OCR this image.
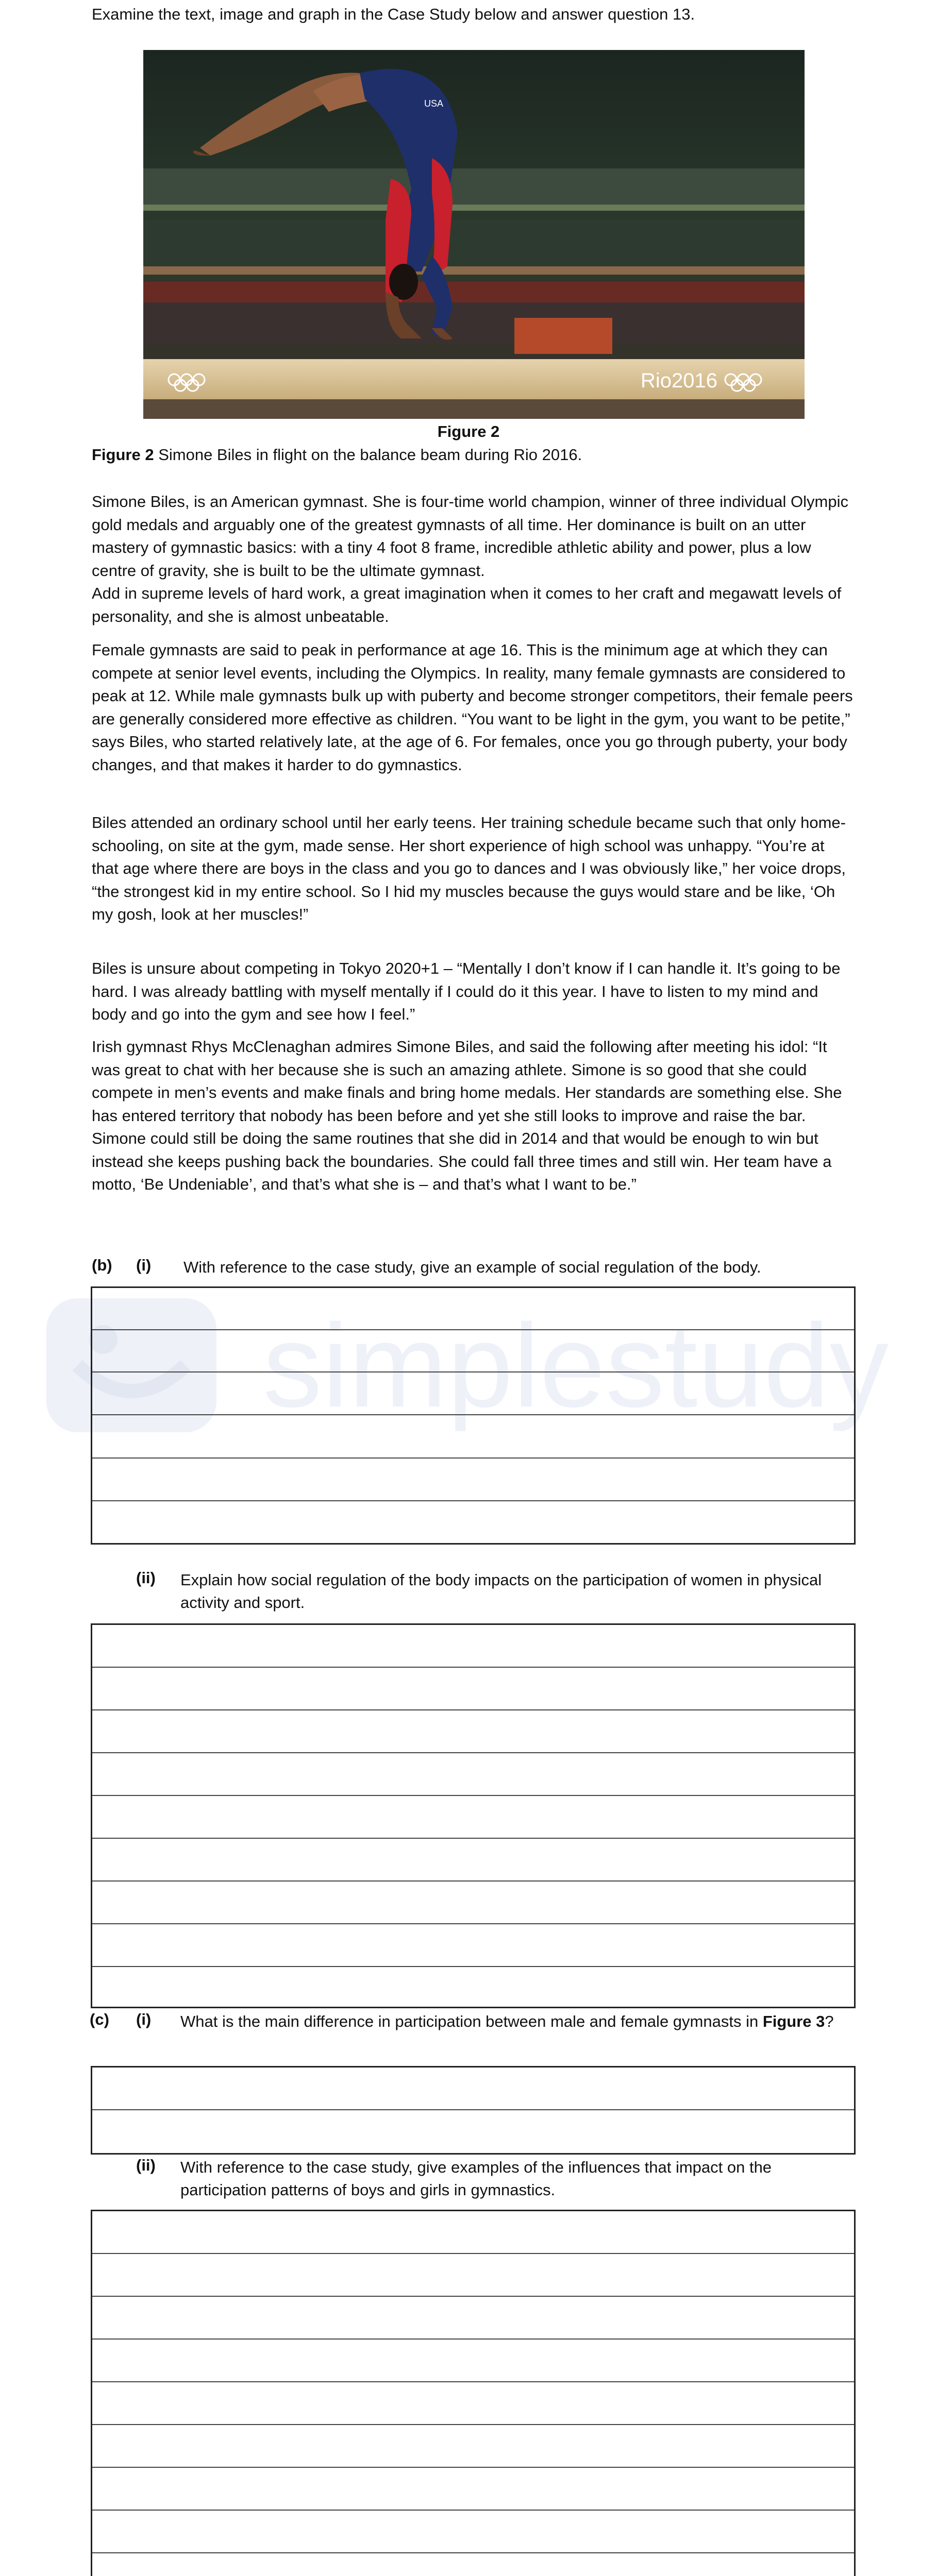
simplestudy
Examine the text, image and graph in the Case Study below and answer question 13.
Rio2016
USA
Figure 2
Figure 2 Simone Biles in flight on the balance beam during Rio 2016.

Simone Biles, is an American gymnast. She is four-time world champion, winner of three individual Olympic gold medals and arguably one of the greatest gymnasts of all time. Her dominance is built on an utter mastery of gymnastic basics: with a tiny 4 foot 8 frame, incredible athletic ability and power, plus a low centre of gravity, she is built to be the ultimate gymnast.

Add in supreme levels of hard work, a great imagination when it comes to her craft and megawatt levels of personality, and she is almost unbeatable.

Female gymnasts are said to peak in performance at age 16. This is the minimum age at which they can compete at senior level events, including the Olympics. In reality, many female gymnasts are considered to peak at 12. While male gymnasts bulk up with puberty and become stronger competitors, their female peers are generally considered more effective as children. “You want to be light in the gym, you want to be petite,” says Biles, who started relatively late, at the age of 6. For females, once you go through puberty, your body changes, and that makes it harder to do gymnastics.
Biles attended an ordinary school until her early teens. Her training schedule became such that only home-schooling, on site at the gym, made sense. Her short experience of high school was unhappy. “You’re at that age where there are boys in the class and you go to dances and I was obviously like,” her voice drops, “the strongest kid in my entire school. So I hid my muscles because the guys would stare and be like, ‘Oh my gosh, look at her muscles!”
Biles is unsure about competing in Tokyo 2020+1 – “Mentally I don’t know if I can handle it. It’s going to be hard. I was already battling with myself mentally if I could do it this year. I have to listen to my mind and body and go into the gym and see how I feel.”
Irish gymnast Rhys McClenaghan admires Simone Biles, and said the following after meeting his idol: “It was great to chat with her because she is such an amazing athlete. Simone is so good that she could compete in men’s events and make finals and bring home medals. Her standards are something else. She has entered territory that nobody has been before and yet she still looks to improve and raise the bar. Simone could still be doing the same routines that she did in 2014 and that would be enough to win but instead she keeps pushing back the boundaries. She could fall three times and still win. Her team have a motto, ‘Be Undeniable’, and that’s what she is – and that’s what I want to be.”
(b) (i) With reference to the case study, give an example of social regulation of the body.
(ii) Explain how social regulation of the body impacts on the participation of women in physical activity and sport.
(c) (i) What is the main difference in participation between male and female gymnasts in Figure 3?
(ii) With reference to the case study, give examples of the influences that impact on the participation patterns of boys and girls in gymnastics.
